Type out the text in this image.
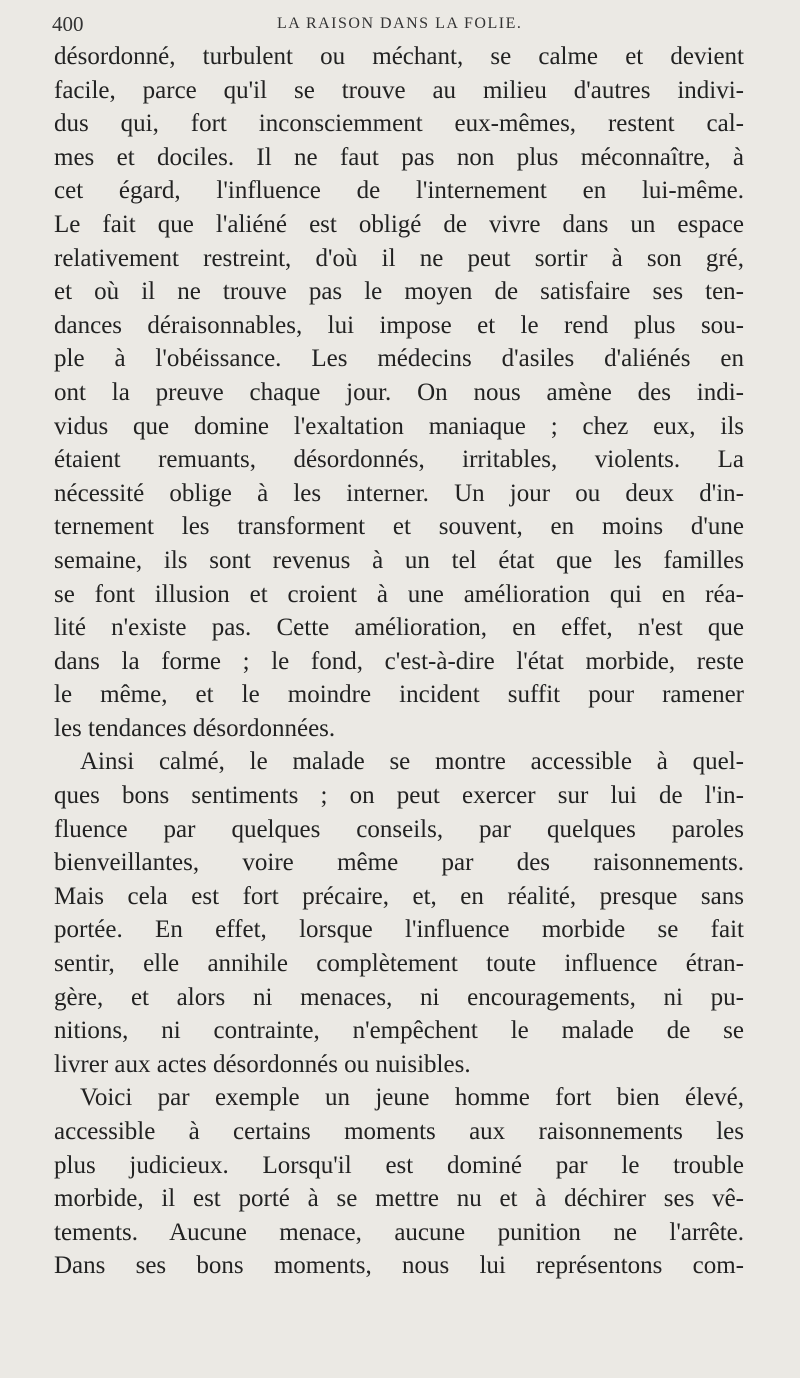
400	LA RAISON DANS LA FOLIE.
désordonné, turbulent ou méchant, se calme et devient
facile, parce qu'il se trouve au milieu d'autres indivi-
dus qui, fort inconsciemment eux-mêmes, restent cal-
mes et dociles. Il ne faut pas non plus méconnaître, à
cet égard, l'influence de l'internement en lui-même.
Le fait que l'aliéné est obligé de vivre dans un espace
relativement restreint, d'où il ne peut sortir à son gré,
et où il ne trouve pas le moyen de satisfaire ses ten-
dances déraisonnables, lui impose et le rend plus sou-
ple à l'obéissance. Les médecins d'asiles d'aliénés en
ont la preuve chaque jour. On nous amène des indi-
vidus que domine l'exaltation maniaque ; chez eux, ils
étaient remuants, désordonnés, irritables, violents. La
nécessité oblige à les interner. Un jour ou deux d'in-
ternement les transforment et souvent, en moins d'une
semaine, ils sont revenus à un tel état que les familles
se font illusion et croient à une amélioration qui en réa-
lité n'existe pas. Cette amélioration, en effet, n'est que
dans la forme ; le fond, c'est-à-dire l'état morbide, reste
le même, et le moindre incident suffit pour ramener
les tendances désordonnées.
Ainsi calmé, le malade se montre accessible à quel-
ques bons sentiments ; on peut exercer sur lui de l'in-
fluence par quelques conseils, par quelques paroles
bienveillantes, voire même par des raisonnements.
Mais cela est fort précaire, et, en réalité, presque sans
portée. En effet, lorsque l'influence morbide se fait
sentir, elle annihile complètement toute influence étran-
gère, et alors ni menaces, ni encouragements, ni pu-
nitions, ni contrainte, n'empêchent le malade de se
livrer aux actes désordonnés ou nuisibles.
Voici par exemple un jeune homme fort bien élevé,
accessible à certains moments aux raisonnements les
plus judicieux. Lorsqu'il est dominé par le trouble
morbide, il est porté à se mettre nu et à déchirer ses vê-
tements. Aucune menace, aucune punition ne l'arrête.
Dans ses bons moments, nous lui représentons com-
